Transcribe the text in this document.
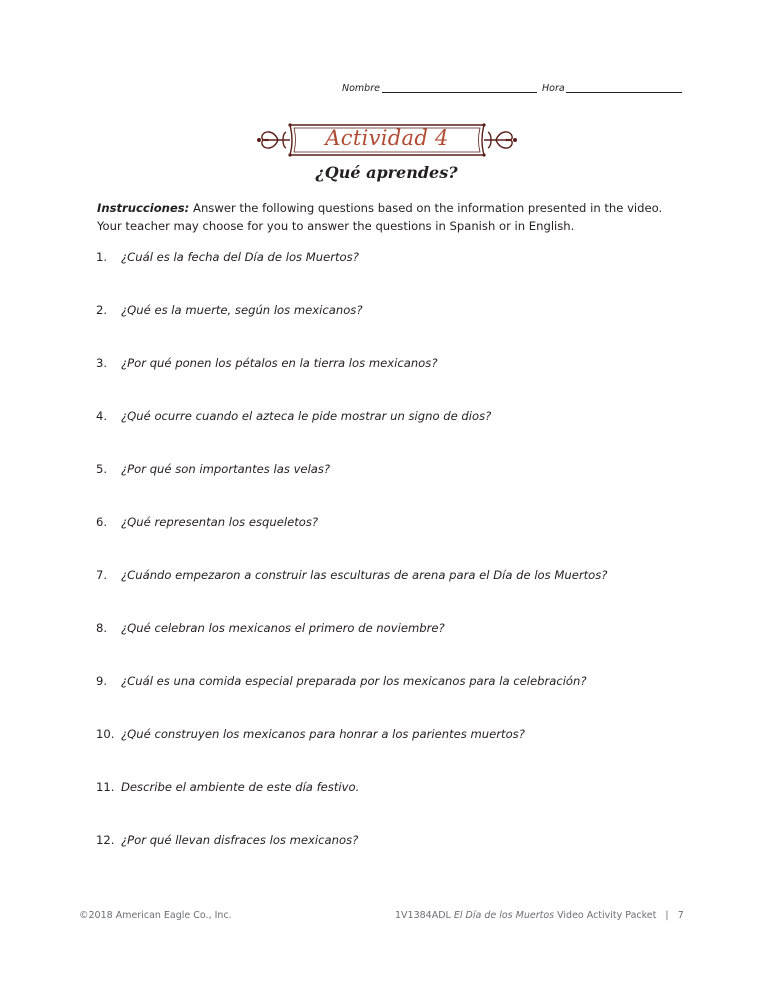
Nombre	Hora
Actividad 4
¿Qué aprendes?
Instrucciones: Answer the following questions based on the information presented in the video. Your teacher may choose for you to answer the questions in Spanish or in English.
1. ¿Cuál es la fecha del Día de los Muertos?
2. ¿Qué es la muerte, según los mexicanos?
3. ¿Por qué ponen los pétalos en la tierra los mexicanos?
4. ¿Qué ocurre cuando el azteca le pide mostrar un signo de dios?
5. ¿Por qué son importantes las velas?
6. ¿Qué representan los esqueletos?
7. ¿Cuándo empezaron a construir las esculturas de arena para el Día de los Muertos?
8. ¿Qué celebran los mexicanos el primero de noviembre?
9. ¿Cuál es una comida especial preparada por los mexicanos para la celebración?
10. ¿Qué construyen los mexicanos para honrar a los parientes muertos?
11. Describe el ambiente de este día festivo.
12. ¿Por qué llevan disfraces los mexicanos?
©2018 American Eagle Co., Inc.	1V1384ADL El Día de los Muertos Video Activity Packet   |   7
